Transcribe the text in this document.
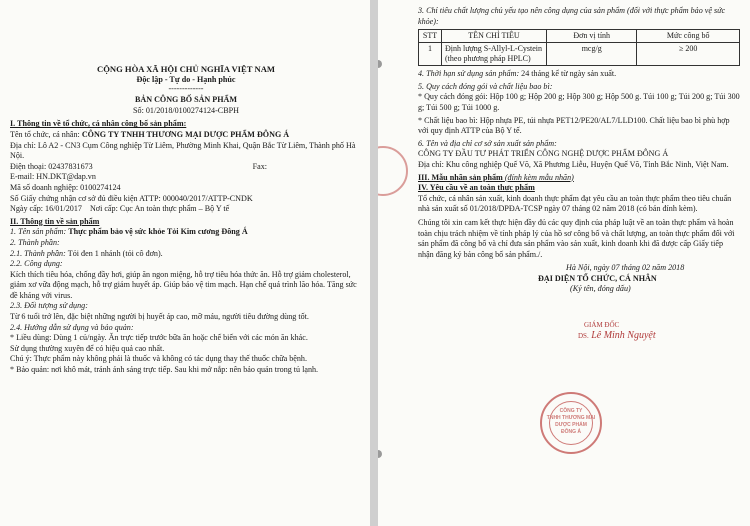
CỘNG HÒA XÃ HỘI CHỦ NGHĨA VIỆT NAM

Độc lập - Tự do - Hạnh phúc

-------------

BẢN CÔNG BỐ SẢN PHẨM

Số: 01/2018/0100274124-CBPH

I. Thông tin về tổ chức, cá nhân công bố sản phẩm:

Tên tổ chức, cá nhân: CÔNG TY TNHH THƯƠNG MẠI DƯỢC PHẨM ĐÔNG Á

Địa chỉ: Lô A2 - CN3 Cụm Công nghiệp Từ Liêm, Phường Minh Khai, Quận Bắc Từ Liêm, Thành phố Hà Nội.

Điện thoại: 02437831673	Fax:

E-mail: HN.DKT@dap.vn

Mã số doanh nghiệp: 0100274124

Số Giấy chứng nhận cơ sở đủ điều kiện ATTP: 000040/2017/ATTP-CNDK

Ngày cấp: 16/01/2017 Nơi cấp: Cục An toàn thực phẩm – Bộ Y tế

II. Thông tin về sản phẩm

1. Tên sản phẩm: Thực phẩm bảo vệ sức khỏe Tỏi Kim cương Đông Á

2. Thành phần:

2.1. Thành phần: Tỏi đen 1 nhánh (tỏi cô đơn).

2.2. Công dụng:

Kích thích tiêu hóa, chống đầy hơi, giúp ăn ngon miệng, hỗ trợ tiêu hóa thức ăn. Hỗ trợ giảm cholesterol, giảm xơ vữa động mạch, hỗ trợ giảm huyết áp. Giúp bảo vệ tim mạch. Hạn chế quá trình lão hóa. Tăng sức đề kháng với virus.

2.3. Đối tượng sử dụng:

Từ 6 tuổi trở lên, đặc biệt những người bị huyết áp cao, mỡ máu, người tiêu đường dùng tốt.

2.4. Hướng dẫn sử dụng và bảo quản:

* Liều dùng: Dùng 1 củ/ngày. Ăn trực tiếp trước bữa ăn hoặc chế biến với các món ăn khác.

Sử dụng thường xuyên để có hiệu quả cao nhất.

Chú ý: Thực phẩm này không phải là thuốc và không có tác dụng thay thế thuốc chữa bệnh.

* Bảo quản: nơi khô mát, tránh ánh sáng trực tiếp. Sau khi mở nắp: nên bảo quản trong tủ lạnh.

3. Chỉ tiêu chất lượng chủ yếu tạo nên công dụng của sản phẩm (đối với thực phẩm bảo vệ sức khỏe):

STT	TÊN CHỈ TIÊU	Đơn vị tính	Mức công bố
1	Định lượng S-Allyl-L-Cystein (theo phương pháp HPLC)	mcg/g	≥ 200

4. Thời hạn sử dụng sản phẩm: 24 tháng kể từ ngày sản xuất.

5. Quy cách đóng gói và chất liệu bao bì:

* Quy cách đóng gói: Hộp 100 g; Hộp 200 g; Hộp 300 g; Hộp 500 g. Túi 100 g; Túi 200 g; Túi 300 g; Túi 500 g; Túi 1000 g.

* Chất liệu bao bì: Hộp nhựa PE, túi nhựa PET12/PE20/AL7/LLD100. Chất liệu bao bì phù hợp với quy định ATTP của Bộ Y tế.

6. Tên và địa chỉ cơ sở sản xuất sản phẩm:

CÔNG TY ĐẦU TƯ PHÁT TRIỂN CÔNG NGHỆ DƯỢC PHẨM ĐÔNG Á

Địa chỉ: Khu công nghiệp Quế Võ, Xã Phương Liễu, Huyện Quế Võ, Tỉnh Bắc Ninh, Việt Nam.

III. Mẫu nhãn sản phẩm (đính kèm mẫu nhãn)

IV. Yêu cầu về an toàn thực phẩm

Tổ chức, cá nhân sản xuất, kinh doanh thực phẩm đạt yêu cầu an toàn thực phẩm theo tiêu chuẩn nhà sản xuất số 01/2018/DPĐA-TCSP ngày 07 tháng 02 năm 2018 (có bản đính kèm).

Chúng tôi xin cam kết thực hiện đầy đủ các quy định của pháp luật về an toàn thực phẩm và hoàn toàn chịu trách nhiệm về tính pháp lý của hồ sơ công bố và chất lượng, an toàn thực phẩm đối với sản phẩm đã công bố và chỉ đưa sản phẩm vào sản xuất, kinh doanh khi đã được cấp Giấy tiếp nhận đăng ký bản công bố sản phẩm./.

Hà Nội, ngày 07 tháng 02 năm 2018

ĐẠI DIỆN TỔ CHỨC, CÁ NHÂN

(Ký tên, đóng dấu)

GIÁM ĐỐC

DS. Lê Minh Nguyệt

CÔNG TY
TNHH THƯƠNG MẠI
DƯỢC PHẨM
ĐÔNG Á
